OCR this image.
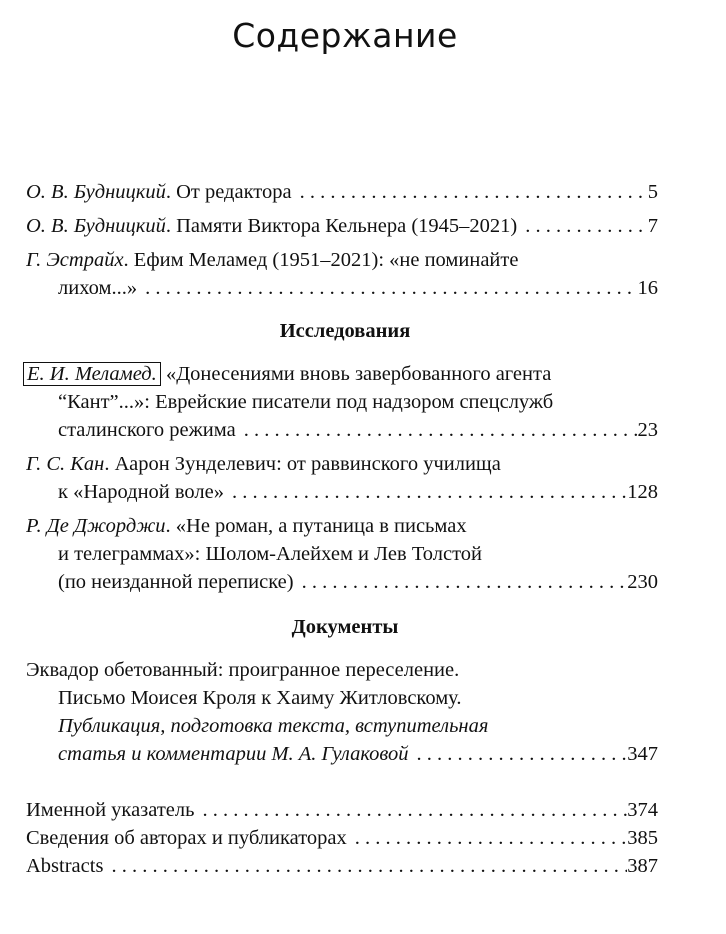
Содержание
О. В. Будницкий. От редактора . . .	5
О. В. Будницкий. Памяти Виктора Кельнера (1945–2021) . . .	7
Г. Эстрайх. Ефим Меламед (1951–2021): «не поминайте
лихом...» . . .	16
Исследования
Е. И. Меламед. «Донесениями вновь завербованного агента
“Кант”...»: Еврейские писатели под надзором спецслужб
сталинского режима . . .	23
Г. С. Кан. Аарон Зунделевич: от раввинского училища
к «Народной воле» . . .	128
Р. Де Джорджи. «Не роман, а путаница в письмах
и телеграммах»: Шолом-Алейхем и Лев Толстой
(по неизданной переписке) . . .	230
Документы
Эквадор обетованный: проигранное переселение.
Письмо Моисея Кроля к Хаиму Житловскому.
Публикация, подготовка текста, вступительная
статья и комментарии М. А. Гулаковой . . .	347
Именной указатель . . .	374
Сведения об авторах и публикаторах . . .	385
Abstracts . . .	387
